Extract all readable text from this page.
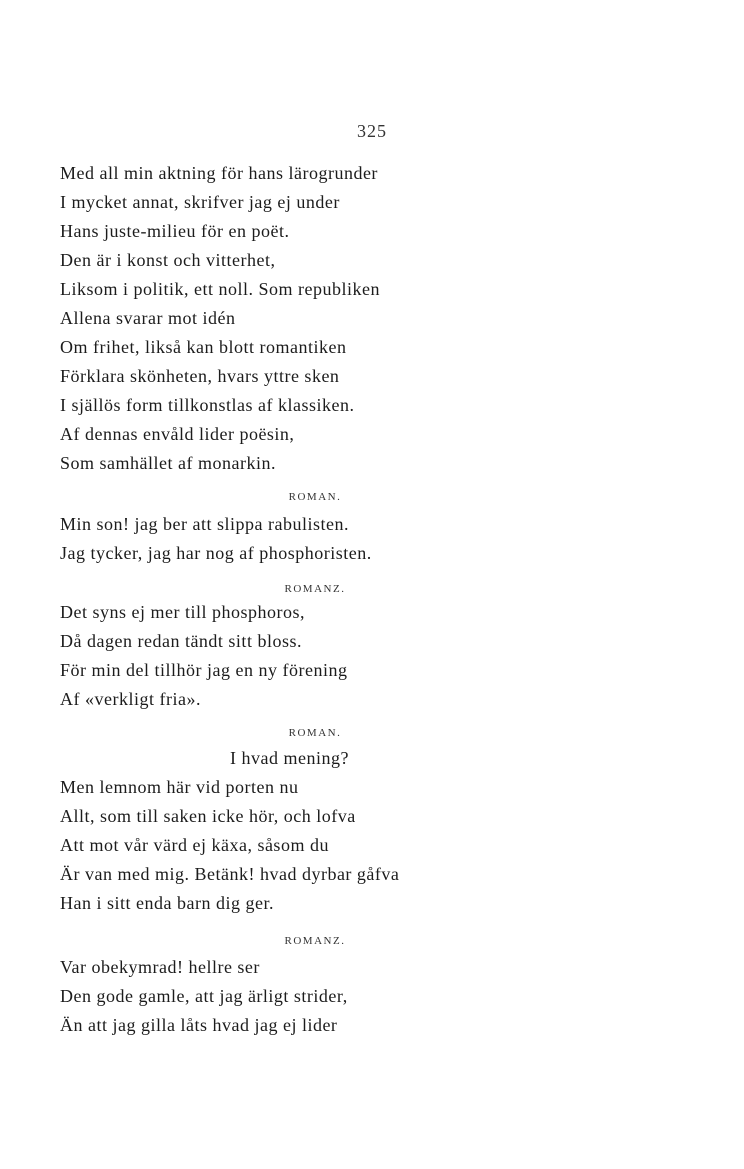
325
Med all min aktning för hans lärogrunder
I mycket annat, skrifver jag ej under
Hans juste-milieu för en poët.
Den är i konst och vitterhet,
Liksom i politik, ett noll. Som republiken
Allena svarar mot idén
Om frihet, likså kan blott romantiken
Förklara skönheten, hvars yttre sken
I själlös form tillkonstlas af klassiken.
Af dennas envåld lider poësin,
Som samhället af monarkin.
ROMAN.
Min son! jag ber att slippa rabulisten.
Jag tycker, jag har nog af phosphoristen.
ROMANZ.
Det syns ej mer till phosphoros,
Då dagen redan tändt sitt bloss.
För min del tillhör jag en ny förening
Af «verkligt fria».
ROMAN.
I hvad mening?
Men lemnom här vid porten nu
Allt, som till saken icke hör, och lofva
Att mot vår värd ej käxa, såsom du
Är van med mig. Betänk! hvad dyrbar gåfva
Han i sitt enda barn dig ger.
ROMANZ.
Var obekymrad! hellre ser
Den gode gamle, att jag ärligt strider,
Än att jag gilla låts hvad jag ej lider
